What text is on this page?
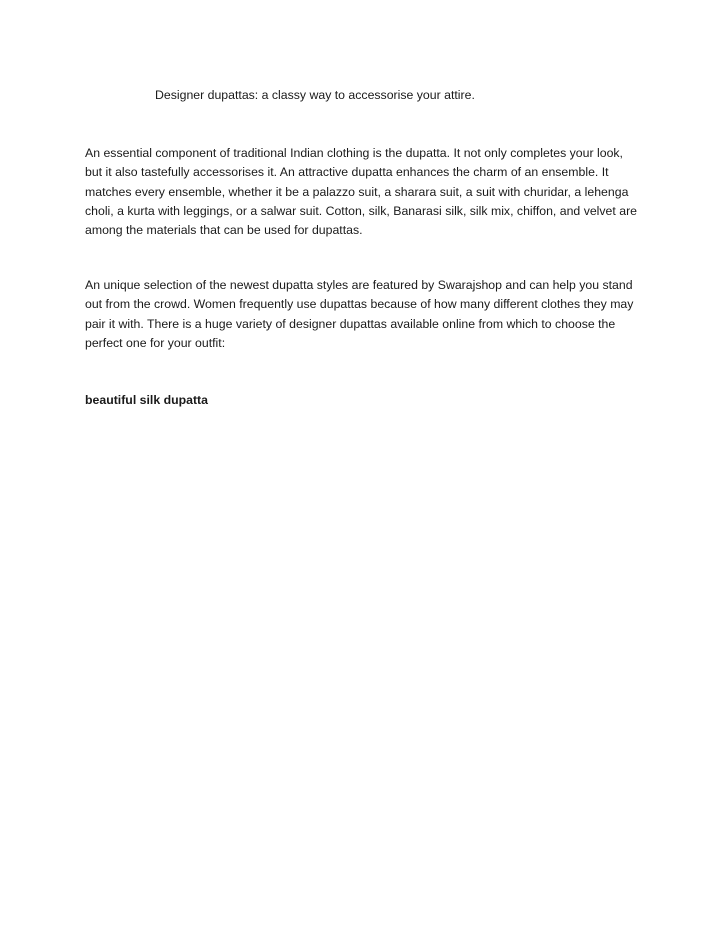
Designer dupattas: a classy way to accessorise your attire.

An essential component of traditional Indian clothing is the dupatta. It not only completes your look, but it also tastefully accessorises it. An attractive dupatta enhances the charm of an ensemble. It matches every ensemble, whether it be a palazzo suit, a sharara suit, a suit with churidar, a lehenga choli, a kurta with leggings, or a salwar suit. Cotton, silk, Banarasi silk, silk mix, chiffon, and velvet are among the materials that can be used for dupattas.

An unique selection of the newest dupatta styles are featured by Swarajshop and can help you stand out from the crowd. Women frequently use dupattas because of how many different clothes they may pair it with. There is a huge variety of designer dupattas available online from which to choose the perfect one for your outfit:

beautiful silk dupatta
